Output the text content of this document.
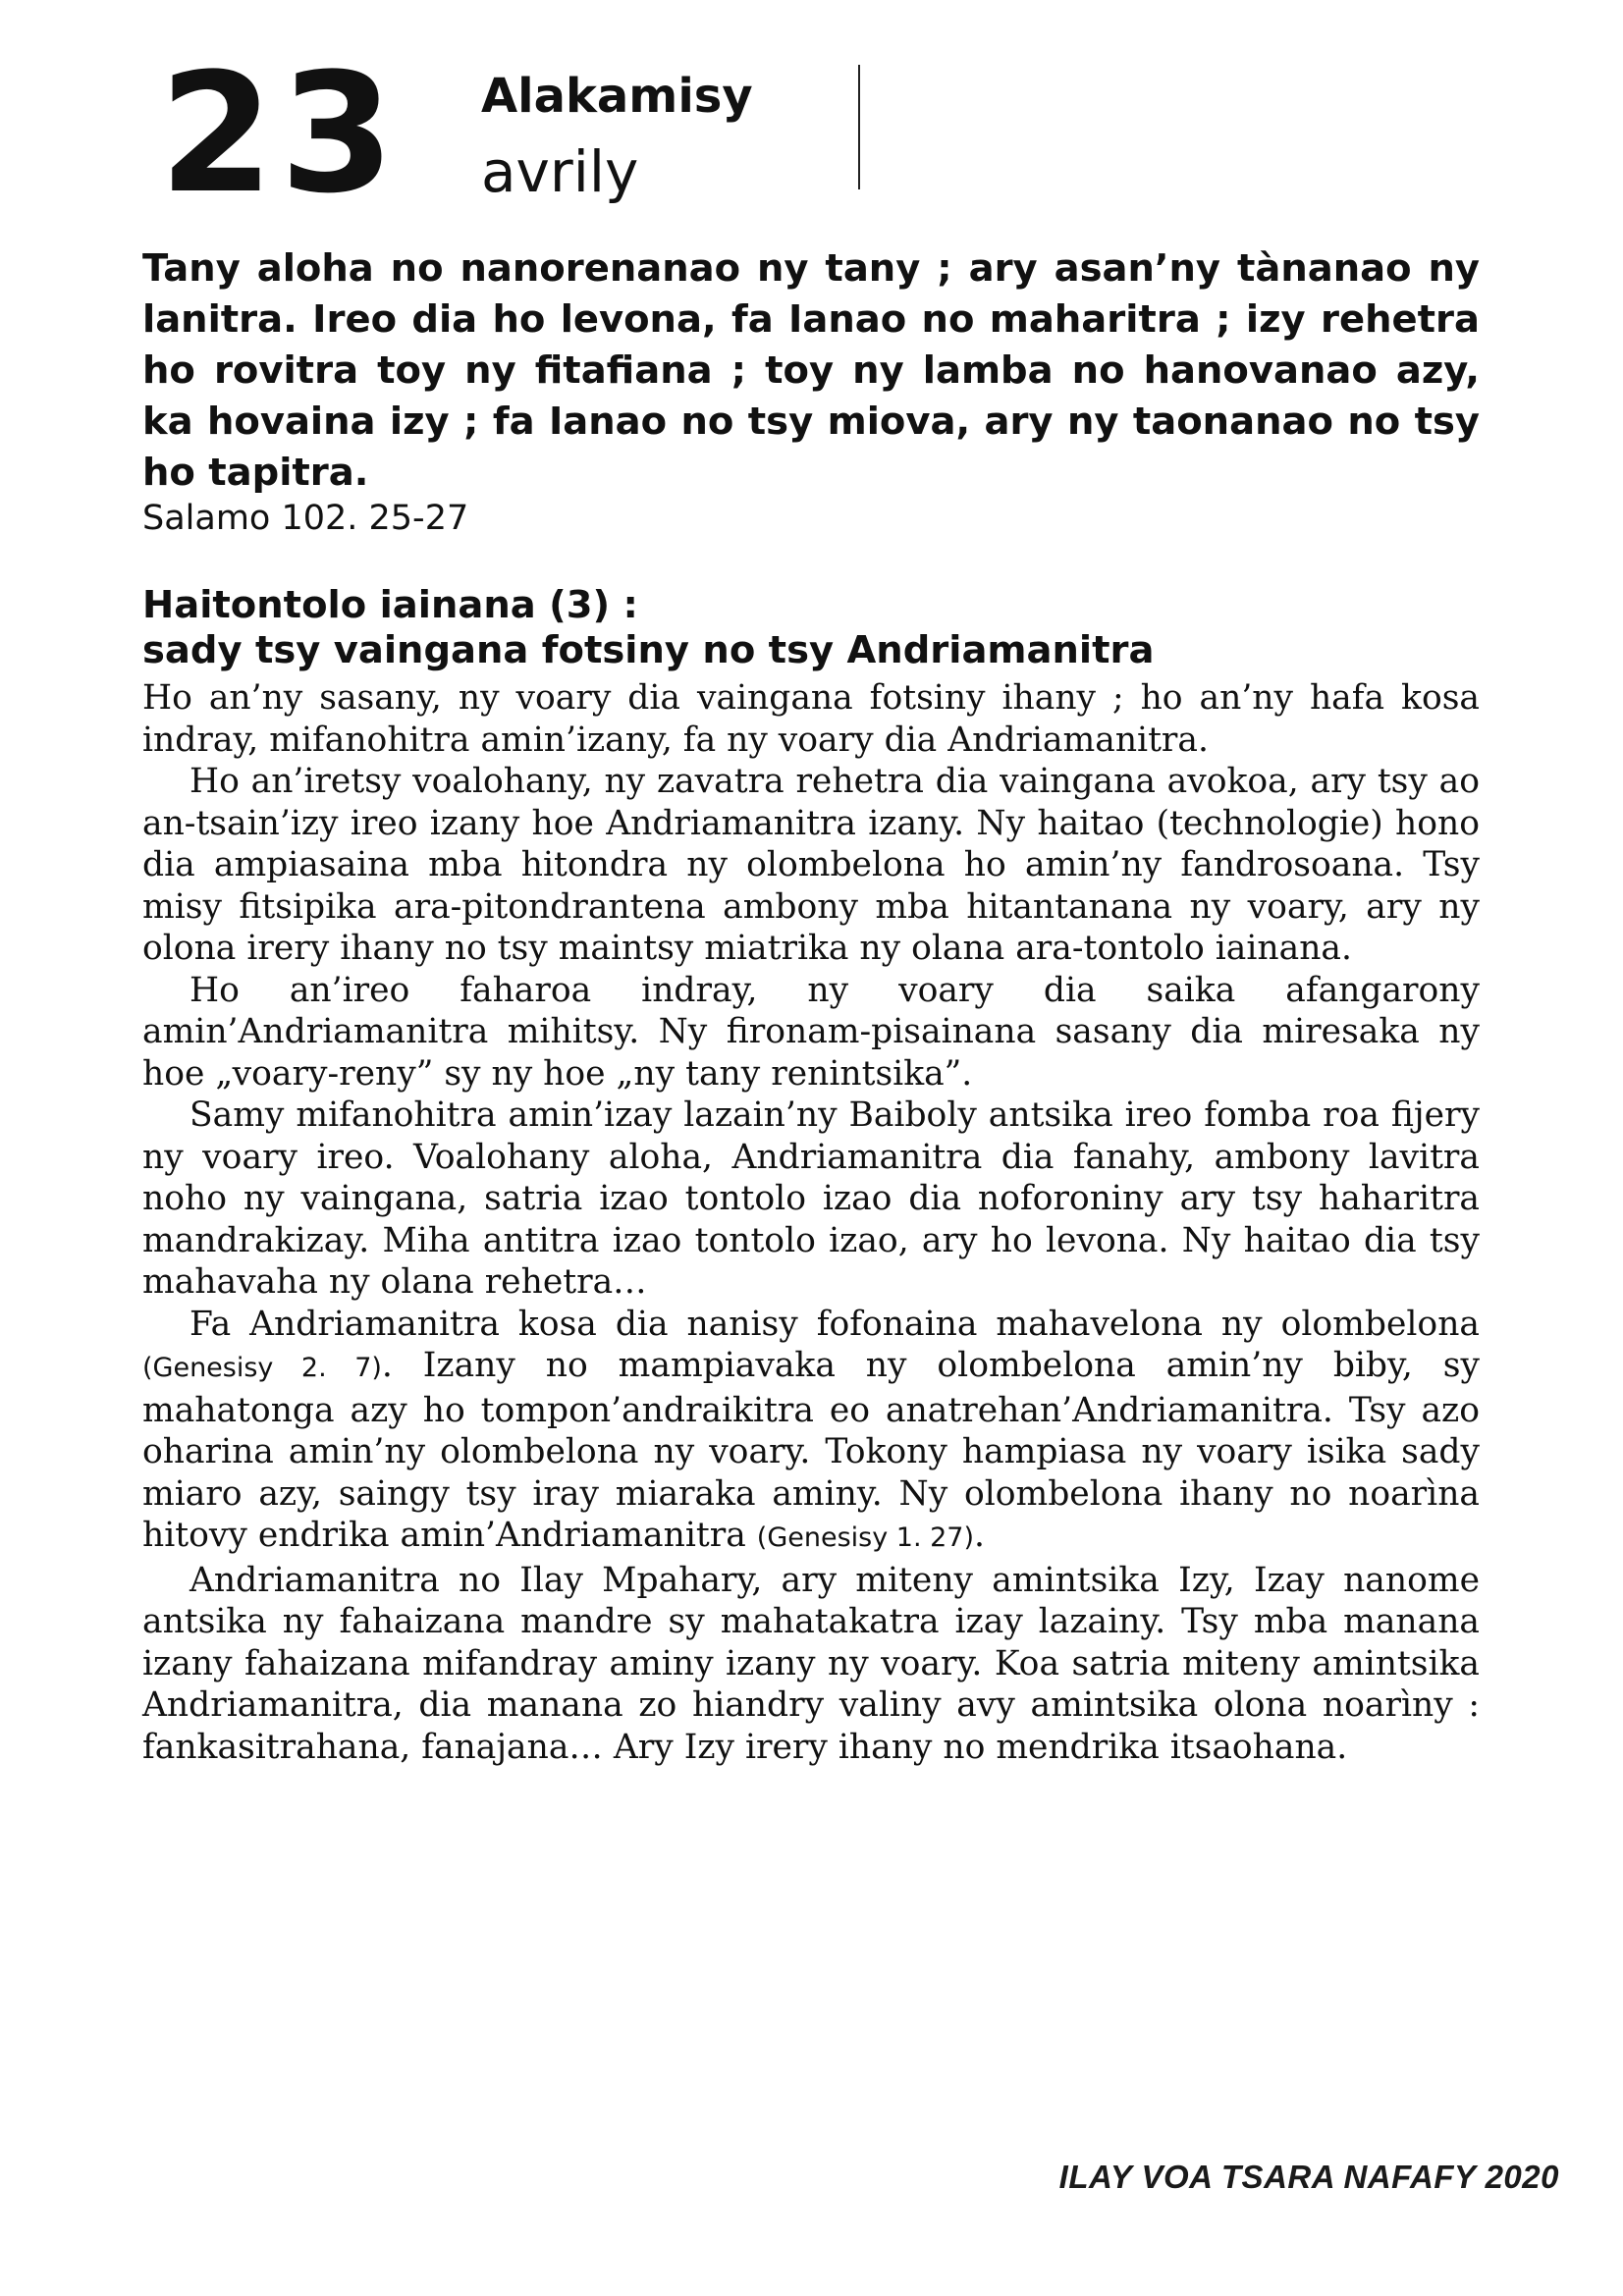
23 Alakamisy
avrily

Tany aloha no nanorenanao ny tany ; ary asan’ny tànanao ny lanitra. Ireo dia ho levona, fa Ianao no maharitra ; izy rehetra ho rovitra toy ny fitafiana ; toy ny lamba no hanovanao azy, ka hovaina izy ; fa Ianao no tsy miova, ary ny taonanao no tsy ho tapitra.

Salamo 102. 25-27
Haitontolo iainana (3) :
sady tsy vaingana fotsiny no tsy Andriamanitra

Ho an’ny sasany, ny voary dia vaingana fotsiny ihany ; ho an’ny hafa kosa indray, mifanohitra amin’izany, fa ny voary dia Andriamanitra.

Ho an’iretsy voalohany, ny zavatra rehetra dia vaingana avokoa, ary tsy ao an-tsain’izy ireo izany hoe Andriamanitra izany. Ny haitao (technologie) hono dia ampiasaina mba hitondra ny olombelona ho amin’ny fandrosoana. Tsy misy fitsipika ara-pitondrantena ambony mba hitantanana ny voary, ary ny olona irery ihany no tsy maintsy miatrika ny olana ara-tontolo iainana.

Ho an’ireo faharoa indray, ny voary dia saika afangarony amin’Andriamanitra mihitsy. Ny fironam-pisainana sasany dia miresaka ny hoe „voary-reny” sy ny hoe „ny tany renintsika”.

Samy mifanohitra amin’izay lazain’ny Baiboly antsika ireo fomba roa fijery ny voary ireo. Voalohany aloha, Andriamanitra dia fanahy, ambony lavitra noho ny vaingana, satria izao tontolo izao dia noforoniny ary tsy haharitra mandrakizay. Miha antitra izao tontolo izao, ary ho levona. Ny haitao dia tsy mahavaha ny olana rehetra…

Fa Andriamanitra kosa dia nanisy fofonaina mahavelona ny olombelona (Genesisy 2. 7). Izany no mampiavaka ny olombelona amin’ny biby, sy mahatonga azy ho tompon’andraikitra eo anatrehan’Andriamanitra. Tsy azo oharina amin’ny olombelona ny voary. Tokony hampiasa ny voary isika sady miaro azy, saingy tsy iray miaraka aminy. Ny olombelona ihany no noarìna hitovy endrika amin’Andriamanitra (Genesisy 1. 27).

Andriamanitra no Ilay Mpahary, ary miteny amintsika Izy, Izay nanome antsika ny fahaizana mandre sy mahatakatra izay lazainy. Tsy mba manana izany fahaizana mifandray aminy izany ny voary. Koa satria miteny amintsika Andriamanitra, dia manana zo hiandry valiny avy amintsika olona noarìny : fankasitrahana, fanajana… Ary Izy irery ihany no mendrika itsaohana.

ILAY VOA TSARA NAFAFY 2020
